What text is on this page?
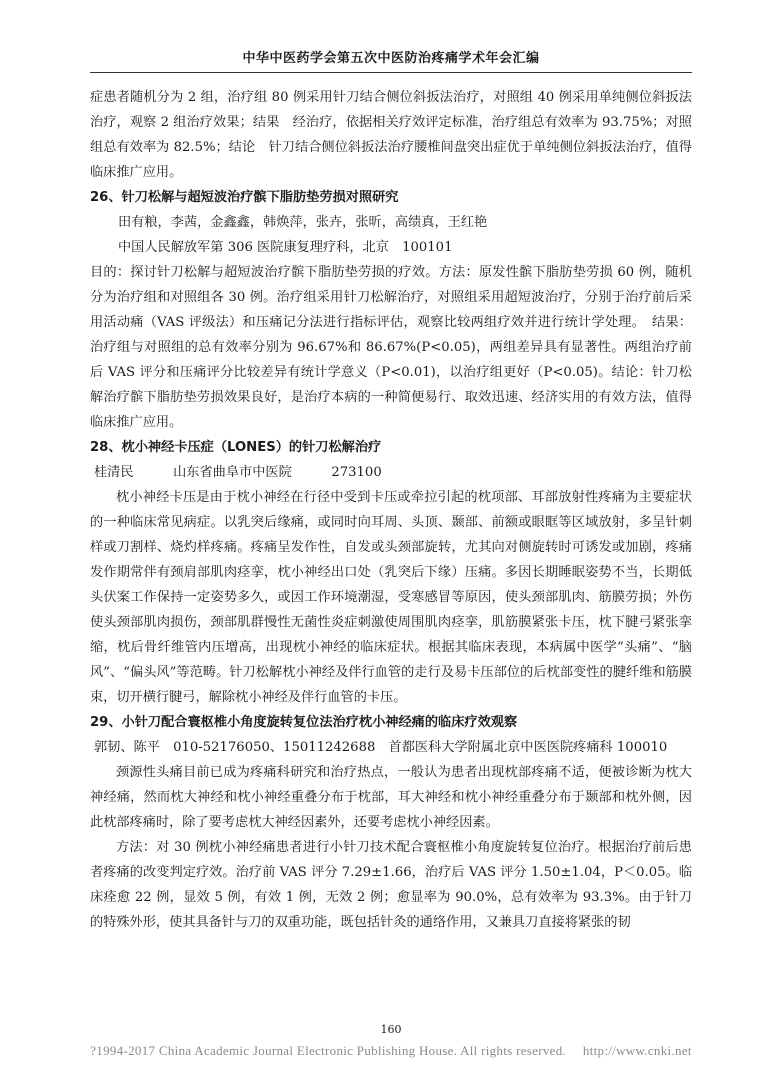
中华中医药学会第五次中医防治疼痛学术年会汇编

症患者随机分为 2 组，治疗组 80 例采用针刀结合侧位斜扳法治疗，对照组 40 例采用单纯侧位斜扳法治疗，观察 2 组治疗效果；结果　经治疗，依据相关疗效评定标准，治疗组总有效率为 93.75%；对照组总有效率为 82.5%；结论　针刀结合侧位斜扳法治疗腰椎间盘突出症优于单纯侧位斜扳法治疗，值得临床推广应用。

26、针刀松解与超短波治疗髌下脂肪垫劳损对照研究

田有粮，李茜，金鑫鑫，韩焕萍，张卉，张昕，高绩真，王红艳

中国人民解放军第 306 医院康复理疗科，北京　100101

目的：探讨针刀松解与超短波治疗髌下脂肪垫劳损的疗效。方法：原发性髌下脂肪垫劳损 60 例，随机分为治疗组和对照组各 30 例。治疗组采用针刀松解治疗，对照组采用超短波治疗，分别于治疗前后采用活动痛（VAS 评级法）和压痛记分法进行指标评估，观察比较两组疗效并进行统计学处理。　结果：治疗组与对照组的总有效率分别为 96.67%和 86.67%(P<0.05)，两组差异具有显著性。两组治疗前后 VAS 评分和压痛评分比较差异有统计学意义（P<0.01)，以治疗组更好（P<0.05)。结论：针刀松解治疗髌下脂肪垫劳损效果良好，是治疗本病的一种简便易行、取效迅速、经济实用的有效方法，值得临床推广应用。

28、枕小神经卡压症（LONES）的针刀松解治疗

桂清民　　　山东省曲阜市中医院　　　273100

枕小神经卡压是由于枕小神经在行径中受到卡压或牵拉引起的枕项部、耳部放射性疼痛为主要症状的一种临床常见病症。以乳突后缘痛，或同时向耳周、头顶、颞部、前额或眼眶等区域放射，多呈针刺样或刀割样、烧灼样疼痛。疼痛呈发作性，自发或头颈部旋转，尤其向对侧旋转时可诱发或加剧，疼痛发作期常伴有颈肩部肌肉痉挛，枕小神经出口处（乳突后下缘）压痛。多因长期睡眠姿势不当，长期低头伏案工作保持一定姿势多久，或因工作环境潮湿，受寒感冒等原因，使头颈部肌肉、筋膜劳损；外伤使头颈部肌肉损伤，颈部肌群慢性无菌性炎症刺激使周围肌肉痉挛，肌筋膜紧张卡压，枕下腱弓紧张挛缩，枕后骨纤维管内压增高，出现枕小神经的临床症状。根据其临床表现，本病属中医学“头痛”、“脑风”、“偏头风”等范畴。针刀松解枕小神经及伴行血管的走行及易卡压部位的后枕部变性的腱纤维和筋膜束，切开横行腱弓，解除枕小神经及伴行血管的卡压。

29、小针刀配合寰枢椎小角度旋转复位法治疗枕小神经痛的临床疗效观察

郭韧、陈平　010-52176050、15011242688　首都医科大学附属北京中医医院疼痛科 100010

颈源性头痛目前已成为疼痛科研究和治疗热点，一般认为患者出现枕部疼痛不适，便被诊断为枕大神经痛，然而枕大神经和枕小神经重叠分布于枕部，耳大神经和枕小神经重叠分布于颞部和枕外侧，因此枕部疼痛时，除了要考虑枕大神经因素外，还要考虑枕小神经因素。

方法：对 30 例枕小神经痛患者进行小针刀技术配合寰枢椎小角度旋转复位治疗。根据治疗前后患者疼痛的改变判定疗效。治疗前 VAS 评分 7.29±1.66，治疗后 VAS 评分 1.50±1.04，P＜0.05。临床痊愈 22 例，显效 5 例，有效 1 例，无效 2 例；愈显率为 90.0%，总有效率为 93.3%。由于针刀的特殊外形，使其具备针与刀的双重功能，既包括针灸的通络作用，又兼具刀直接将紧张的韧

160
?1994-2017 China Academic Journal Electronic Publishing House. All rights reserved.　 http://www.cnki.net
